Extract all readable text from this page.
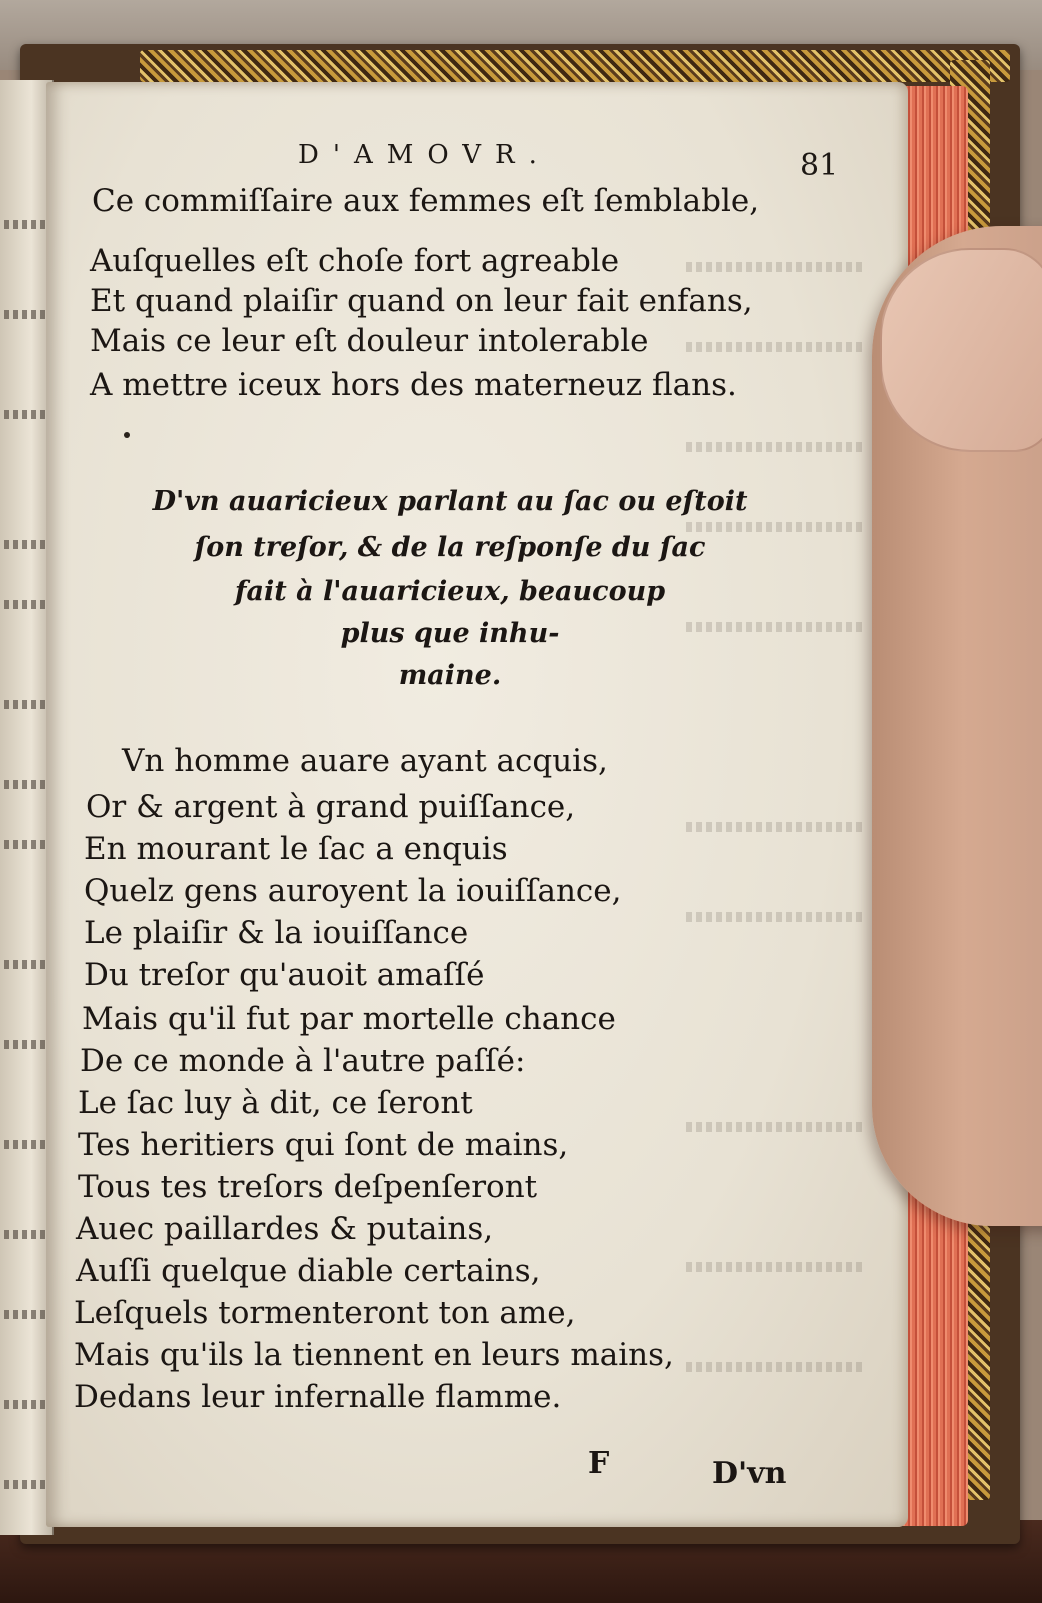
D'AMOVR.	81
Ce commiſſaire aux femmes eſt ſemblable,
Auſquelles eſt choſe fort agreable
Et quand plaiſir quand on leur fait enfans,
Mais ce leur eſt douleur intolerable
A mettre iceux hors des materneuz flans.
D'vn auaricieux parlant au ſac ou eſtoit
ſon treſor, & de la reſponſe du ſac
fait à l'auaricieux, beaucoup
plus que inhu-
maine.
Vn homme auare ayant acquis,
Or & argent à grand puiſſance,
En mourant le ſac a enquis
Quelz gens auroyent la iouiſſance,
Le plaiſir & la iouiſſance
Du treſor qu'auoit amaſſé
Mais qu'il fut par mortelle chance
De ce monde à l'autre paſſé:
Le ſac luy à dit, ce ſeront
Tes heritiers qui ſont de mains,
Tous tes treſors deſpenſeront
Auec paillardes & putains,
Auſſi quelque diable certains,
Leſquels tormenteront ton ame,
Mais qu'ils la tiennent en leurs mains,
Dedans leur infernalle flamme.
F	D'vn
